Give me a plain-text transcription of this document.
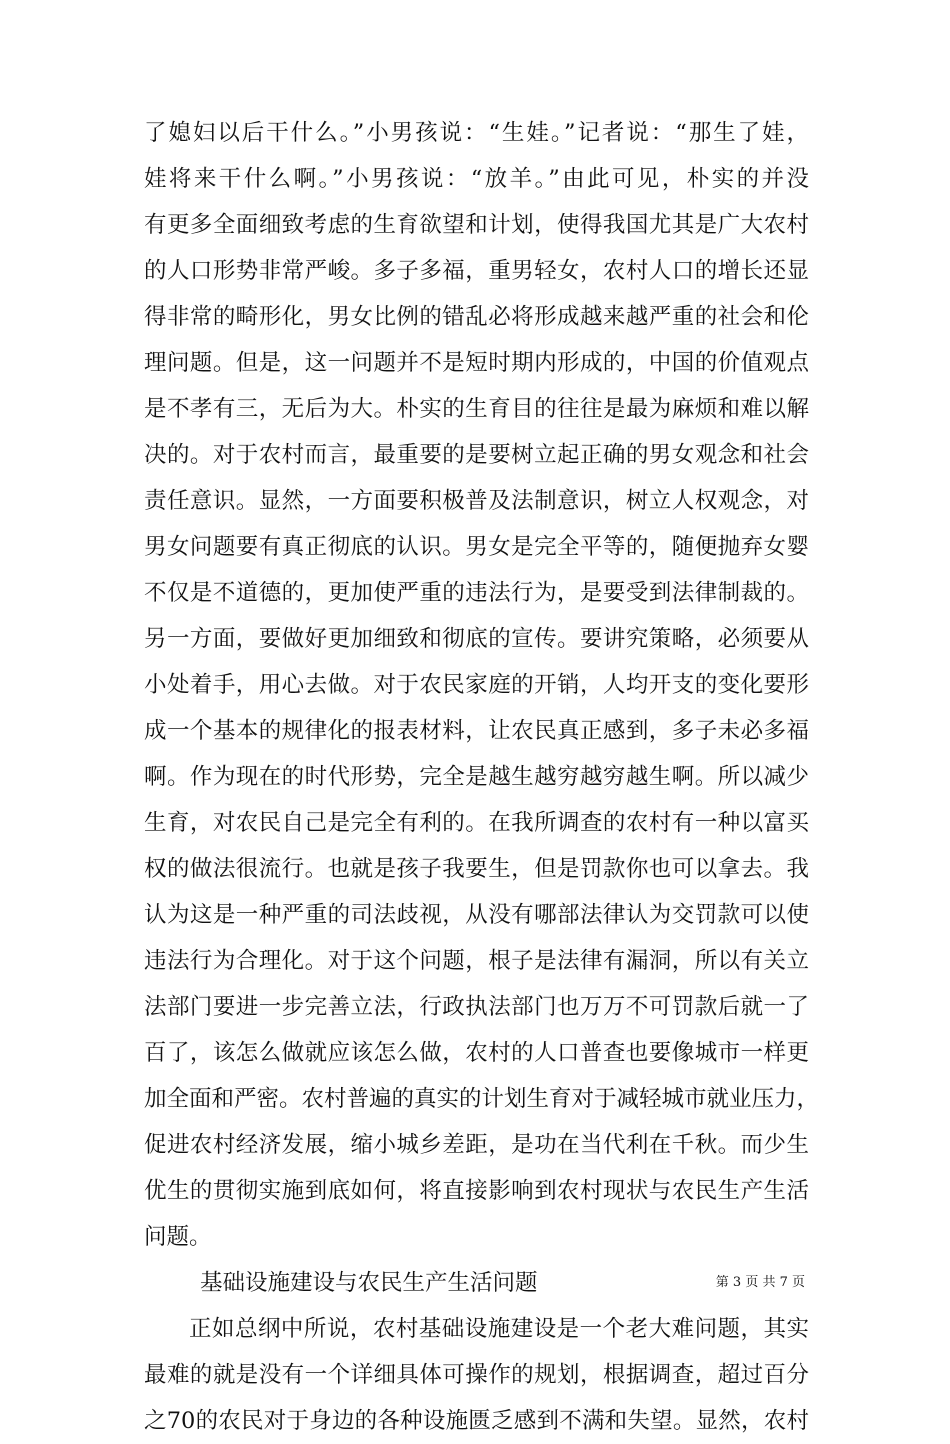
了媳妇以后干什么。”小男孩说：“生娃。”记者说：“那生了娃，
娃将来干什么啊。”小男孩说：“放羊。”由此可见，朴实的并没
有更多全面细致考虑的生育欲望和计划，使得我国尤其是广大农村
的人口形势非常严峻。多子多福，重男轻女，农村人口的增长还显
得非常的畸形化，男女比例的错乱必将形成越来越严重的社会和伦
理问题。但是，这一问题并不是短时期内形成的，中国的价值观点
是不孝有三，无后为大。朴实的生育目的往往是最为麻烦和难以解
决的。对于农村而言，最重要的是要树立起正确的男女观念和社会
责任意识。显然，一方面要积极普及法制意识，树立人权观念，对
男女问题要有真正彻底的认识。男女是完全平等的，随便抛弃女婴
不仅是不道德的，更加使严重的违法行为，是要受到法律制裁的。
另一方面，要做好更加细致和彻底的宣传。要讲究策略，必须要从
小处着手，用心去做。对于农民家庭的开销，人均开支的变化要形
成一个基本的规律化的报表材料，让农民真正感到，多子未必多福
啊。作为现在的时代形势，完全是越生越穷越穷越生啊。所以减少
生育，对农民自己是完全有利的。在我所调查的农村有一种以富买
权的做法很流行。也就是孩子我要生，但是罚款你也可以拿去。我
认为这是一种严重的司法歧视，从没有哪部法律认为交罚款可以使
违法行为合理化。对于这个问题，根子是法律有漏洞，所以有关立
法部门要进一步完善立法，行政执法部门也万万不可罚款后就一了
百了，该怎么做就应该怎么做，农村的人口普查也要像城市一样更
加全面和严密。农村普遍的真实的计划生育对于减轻城市就业压力，
促进农村经济发展，缩小城乡差距，是功在当代利在千秋。而少生
优生的贯彻实施到底如何，将直接影响到农村现状与农民生产生活
问题。
基础设施建设与农民生产生活问题
正如总纲中所说，农村基础设施建设是一个老大难问题，其实
最难的就是没有一个详细具体可操作的规划，根据调查，超过百分
之70的农民对于身边的各种设施匮乏感到不满和失望。显然，农村
第 3 页 共 7 页
